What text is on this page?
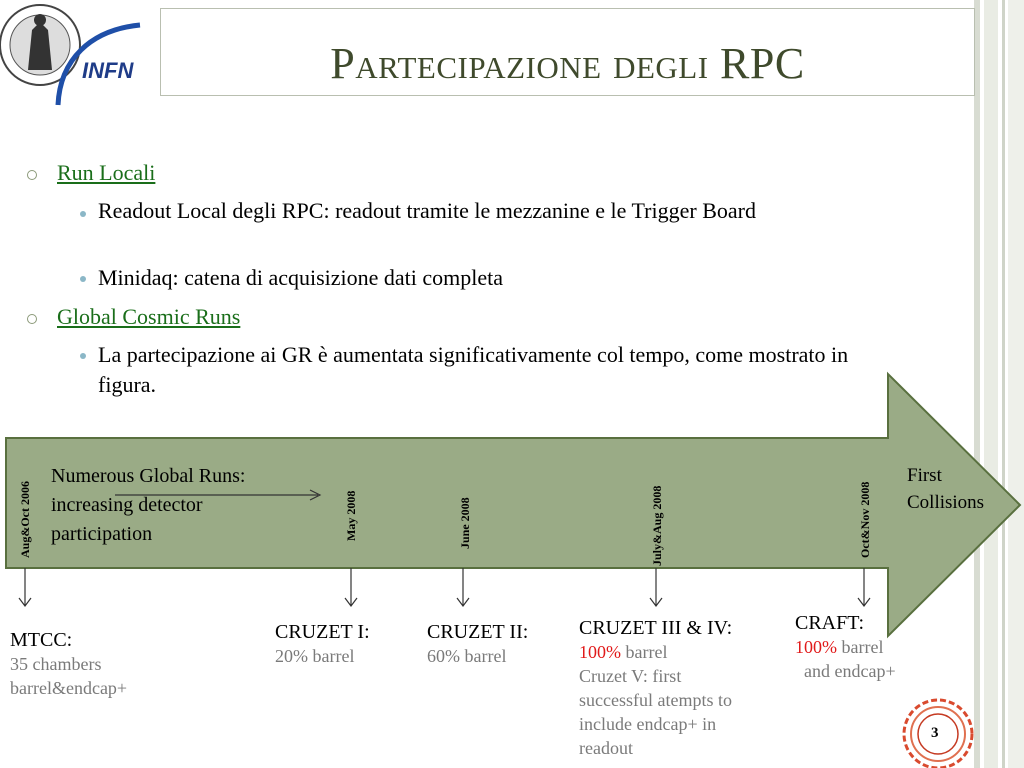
INFN	Partecipazione degli RPC
Run Locali
Readout Local degli RPC: readout tramite le mezzanine e le Trigger Board
Minidaq: catena di acquisizione dati completa
Global Cosmic Runs
La partecipazione ai GR è aumentata significativamente col tempo, come mostrato in figura.
Aug&Oct 2006	May 2008	June 2008	July&Aug 2008	Oct&Nov 2008
Numerous Global Runs: increasing detector participation
First Collisions
MTCC:
35 chambers barrel&endcap+
CRUZET I:
20% barrel
CRUZET II:
60% barrel
CRUZET III & IV:
100% barrel
Cruzet V: first successful atempts to include endcap+ in readout
CRAFT:
100% barrel
and endcap+
3
